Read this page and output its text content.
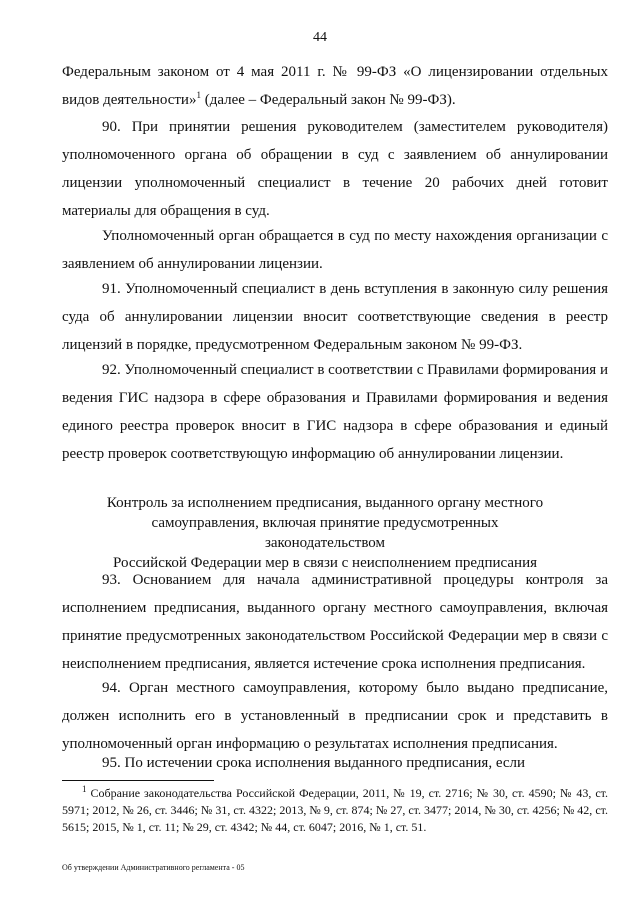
44

Федеральным законом от 4 мая 2011 г. № 99-ФЗ «О лицензировании отдельных видов деятельности»$^1$ (далее – Федеральный закон № 99-ФЗ).

90. При принятии решения руководителем (заместителем руководителя) уполномоченного органа об обращении в суд с заявлением об аннулировании лицензии уполномоченный специалист в течение 20 рабочих дней готовит материалы для обращения в суд.

Уполномоченный орган обращается в суд по месту нахождения организации с заявлением об аннулировании лицензии.

91. Уполномоченный специалист в день вступления в законную силу решения суда об аннулировании лицензии вносит соответствующие сведения в реестр лицензий в порядке, предусмотренном Федеральным законом № 99-ФЗ.

92. Уполномоченный специалист в соответствии с Правилами формирования и ведения ГИС надзора в сфере образования и Правилами формирования и ведения единого реестра проверок вносит в ГИС надзора в сфере образования и единый реестр проверок соответствующую информацию об аннулировании лицензии.

Контроль за исполнением предписания, выданного органу местного
самоуправления, включая принятие предусмотренных законодательством
Российской Федерации мер в связи с неисполнением предписания

93. Основанием для начала административной процедуры контроля за исполнением предписания, выданного органу местного самоуправления, включая принятие предусмотренных законодательством Российской Федерации мер в связи с неисполнением предписания, является истечение срока исполнения предписания.

94. Орган местного самоуправления, которому было выдано предписание, должен исполнить его в установленный в предписании срок и представить в уполномоченный орган информацию о результатах исполнения предписания.

95. По истечении срока исполнения выданного предписания, если

$^1$ Собрание законодательства Российской Федерации, 2011, № 19, ст. 2716; № 30, ст. 4590; № 43, ст. 5971; 2012, № 26, ст. 3446; № 31, ст. 4322; 2013, № 9, ст. 874; № 27, ст. 3477; 2014, № 30, ст. 4256; № 42, ст. 5615; 2015, № 1, ст. 11; № 29, ст. 4342; № 44, ст. 6047; 2016, № 1, ст. 51.

Об утверждении Административного регламента - 05
